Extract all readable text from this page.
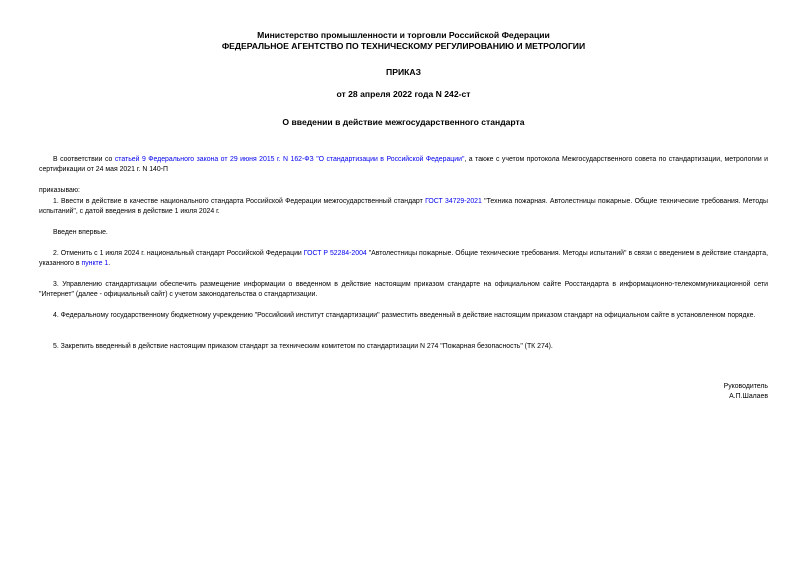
Министерство промышленности и торговли Российской Федерации
ФЕДЕРАЛЬНОЕ АГЕНТСТВО ПО ТЕХНИЧЕСКОМУ РЕГУЛИРОВАНИЮ И МЕТРОЛОГИИ
ПРИКАЗ
от 28 апреля 2022 года N 242-ст
О введении в действие межгосударственного стандарта
В соответствии со статьей 9 Федерального закона от 29 июня 2015 г. N 162-ФЗ "О стандартизации в Российской Федерации", а также с учетом протокола Межгосударственного совета по стандартизации, метрологии и сертификации от 24 мая 2021 г. N 140-П
приказываю:
1. Ввести в действие в качестве национального стандарта Российской Федерации межгосударственный стандарт ГОСТ 34729-2021 "Техника пожарная. Автолестницы пожарные. Общие технические требования. Методы испытаний", с датой введения в действие 1 июля 2024 г.
Введен впервые.
2. Отменить с 1 июля 2024 г. национальный стандарт Российской Федерации ГОСТ Р 52284-2004 "Автолестницы пожарные. Общие технические требования. Методы испытаний" в связи с введением в действие стандарта, указанного в пункте 1.
3. Управлению стандартизации обеспечить размещение информации о введенном в действие настоящим приказом стандарте на официальном сайте Росстандарта в информационно-телекоммуникационной сети "Интернет" (далее - официальный сайт) с учетом законодательства о стандартизации.
4. Федеральному государственному бюджетному учреждению "Российский институт стандартизации" разместить введенный в действие настоящим приказом стандарт на официальном сайте в установленном порядке.
5. Закрепить введенный в действие настоящим приказом стандарт за техническим комитетом по стандартизации N 274 "Пожарная безопасность" (ТК 274).
Руководитель
А.П.Шалаев
